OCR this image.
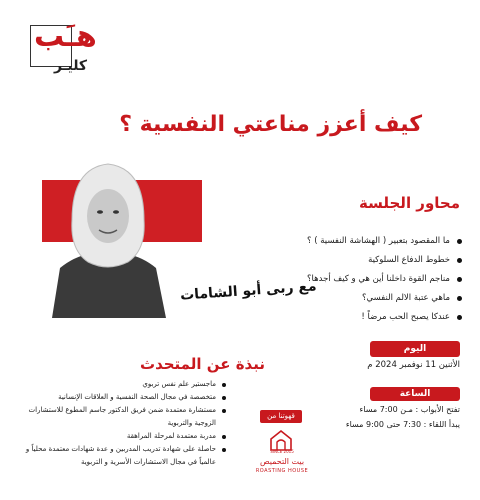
هـَب
كليـر
كيف أعزز مناعتي النفسية ؟
مع ربى أبو الشامات
محاور الجلسة
ما المقصود بتعبير ( الهشاشة النفسية ) ؟
خطوط الدفاع السلوكية
مناجم القوة داخلنا أين هي و كيف أجدها؟
ماهي عتبة الالم النفسي؟
عندكا يصبح الحب مرضاً !
نبذة عن المتحدث
ماجستير علم نفس تربوي
متخصصة في مجال الصحة النفسية و العلاقات الإنسانية
مستشارة معتمدة ضمن فريق الدكتور جاسم المطوع للاستشارات الزوجية والتربوية
مدربة معتمدة لمرحلة المراهقة
حاصلة على شهادة تدريب المدربين و عدة شهادات معتمدة محلياً و عالمياً في مجال الاستشارات الأسرية و التربوية
اليوم
الأثنين 11 نوفمبر 2024 م
الساعة
تفتح الأبواب : مـن 7:00 مساء
يبدأ اللقاء : 7:30 حتى 9:00 مساء
قهوتنا من
SINCE 2015
بيت التحميص
ROASTING HOUSE
